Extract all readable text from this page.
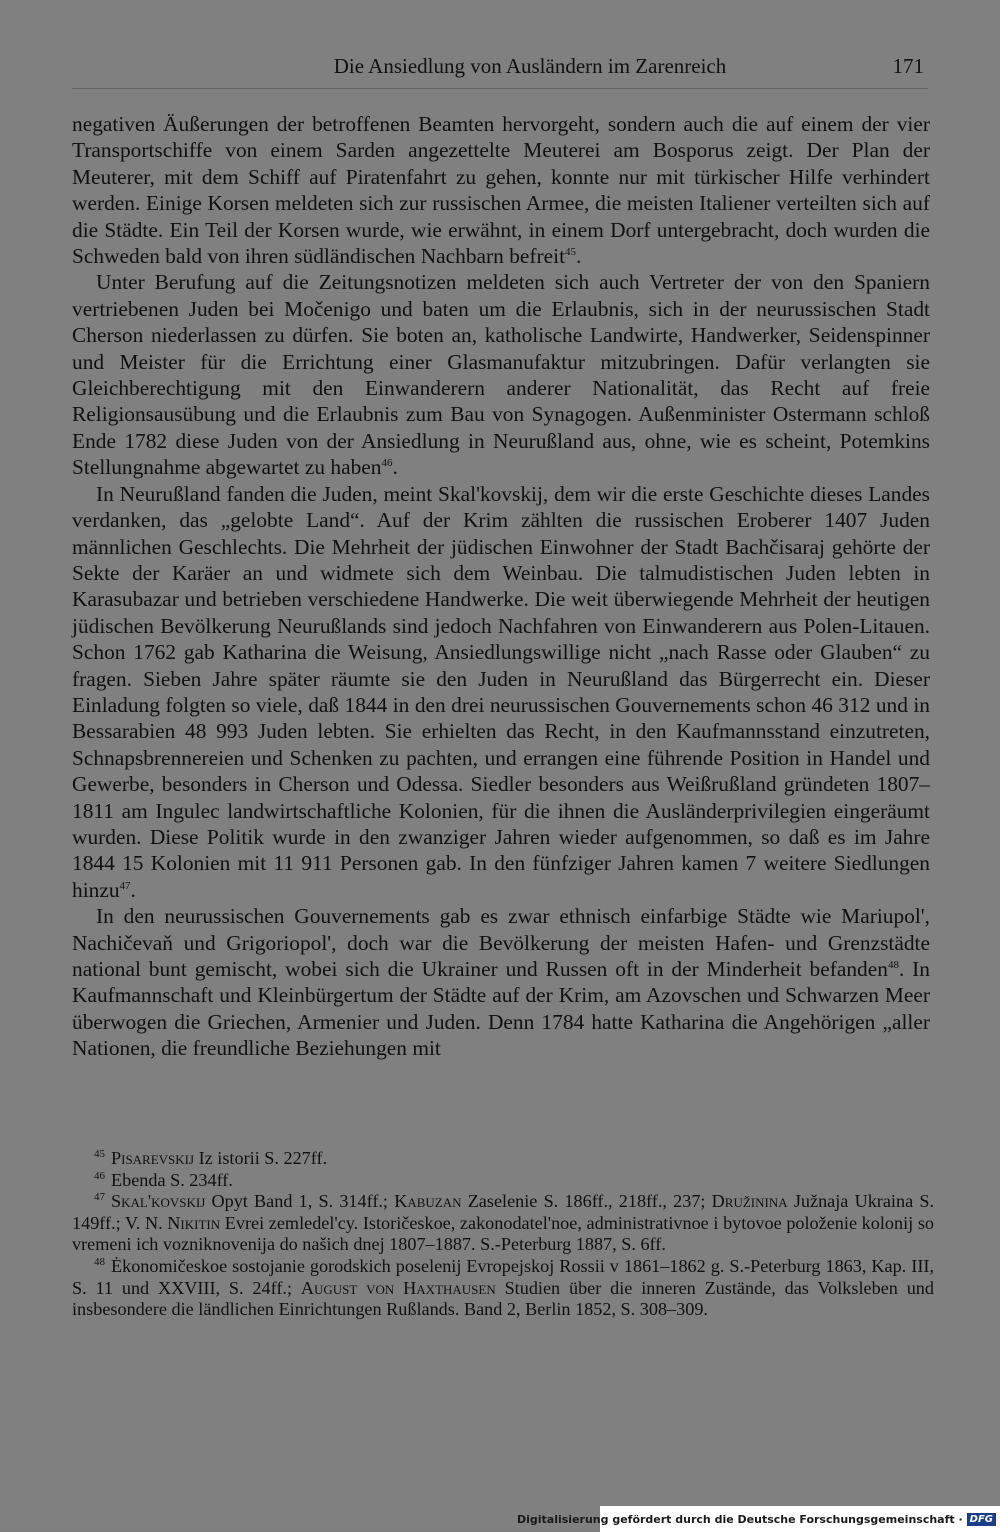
Die Ansiedlung von Ausländern im Zarenreich	171

negativen Äußerungen der betroffenen Beamten hervorgeht, sondern auch die auf einem der vier Transportschiffe von einem Sarden angezettelte Meuterei am Bosporus zeigt. Der Plan der Meuterer, mit dem Schiff auf Piratenfahrt zu gehen, konnte nur mit türkischer Hilfe verhindert werden. Einige Korsen meldeten sich zur russischen Armee, die meisten Italiener verteilten sich auf die Städte. Ein Teil der Korsen wurde, wie erwähnt, in einem Dorf untergebracht, doch wurden die Schweden bald von ihren südländischen Nachbarn befreit$^{45}$.

Unter Berufung auf die Zeitungsnotizen meldeten sich auch Vertreter der von den Spaniern vertriebenen Juden bei Močenigo und baten um die Erlaubnis, sich in der neurussischen Stadt Cherson niederlassen zu dürfen. Sie boten an, katholische Landwirte, Handwerker, Seidenspinner und Meister für die Errichtung einer Glasmanufaktur mitzubringen. Dafür verlangten sie Gleichberechtigung mit den Einwanderern anderer Nationalität, das Recht auf freie Religionsausübung und die Erlaubnis zum Bau von Synagogen. Außenminister Ostermann schloß Ende 1782 diese Juden von der Ansiedlung in Neurußland aus, ohne, wie es scheint, Potemkins Stellungnahme abgewartet zu haben$^{46}$.

In Neurußland fanden die Juden, meint Skal'kovskij, dem wir die erste Geschichte dieses Landes verdanken, das „gelobte Land“. Auf der Krim zählten die russischen Eroberer 1407 Juden männlichen Geschlechts. Die Mehrheit der jüdischen Einwohner der Stadt Bachčisaraj gehörte der Sekte der Karäer an und widmete sich dem Weinbau. Die talmudistischen Juden lebten in Karasubazar und betrieben verschiedene Handwerke. Die weit überwiegende Mehrheit der heutigen jüdischen Bevölkerung Neurußlands sind jedoch Nachfahren von Einwanderern aus Polen-Litauen. Schon 1762 gab Katharina die Weisung, Ansiedlungswillige nicht „nach Rasse oder Glauben“ zu fragen. Sieben Jahre später räumte sie den Juden in Neurußland das Bürgerrecht ein. Dieser Einladung folgten so viele, daß 1844 in den drei neurussischen Gouvernements schon 46 312 und in Bessarabien 48 993 Juden lebten. Sie erhielten das Recht, in den Kaufmannsstand einzutreten, Schnapsbrennereien und Schenken zu pachten, und errangen eine führende Position in Handel und Gewerbe, besonders in Cherson und Odessa. Siedler besonders aus Weißrußland gründeten 1807–1811 am Ingulec landwirtschaftliche Kolonien, für die ihnen die Ausländerprivilegien eingeräumt wurden. Diese Politik wurde in den zwanziger Jahren wieder aufgenommen, so daß es im Jahre 1844 15 Kolonien mit 11 911 Personen gab. In den fünfziger Jahren kamen 7 weitere Siedlungen hinzu$^{47}$.

In den neurussischen Gouvernements gab es zwar ethnisch einfarbige Städte wie Mariupol', Nachičevaň und Grigoriopol', doch war die Bevölkerung der meisten Hafen- und Grenzstädte national bunt gemischt, wobei sich die Ukrainer und Russen oft in der Minderheit befanden$^{48}$. In Kaufmannschaft und Kleinbürgertum der Städte auf der Krim, am Azovschen und Schwarzen Meer überwogen die Griechen, Armenier und Juden. Denn 1784 hatte Katharina die Angehörigen „aller Nationen, die freundliche Beziehungen mit

$^{45}$ Pisarevskij Iz istorii S. 227ff.

$^{46}$ Ebenda S. 234ff.

$^{47}$ Skal'kovskij Opyt Band 1, S. 314ff.; Kabuzan Zaselenie S. 186ff., 218ff., 237; Družinina Južnaja Ukraina S. 149ff.; V. N. Nikitin Evrei zemledel'cy. Istoričeskoe, zakonodatel'noe, administrativnoe i bytovoe položenie kolonij so vremeni ich vozniknovenija do našich dnej 1807–1887. S.-Peterburg 1887, S. 6ff.

$^{48}$ Ėkonomičeskoe sostojanie gorodskich poselenij Evropejskoj Rossii v 1861–1862 g. S.-Peterburg 1863, Kap. III, S. 11 und XXVIII, S. 24ff.; August von Haxthausen Studien über die inneren Zustände, das Volksleben und insbesondere die ländlichen Einrichtungen Rußlands. Band 2, Berlin 1852, S. 308–309.

Digitalisierung gefördert durch die Deutsche Forschungsgemeinschaft · DFG
